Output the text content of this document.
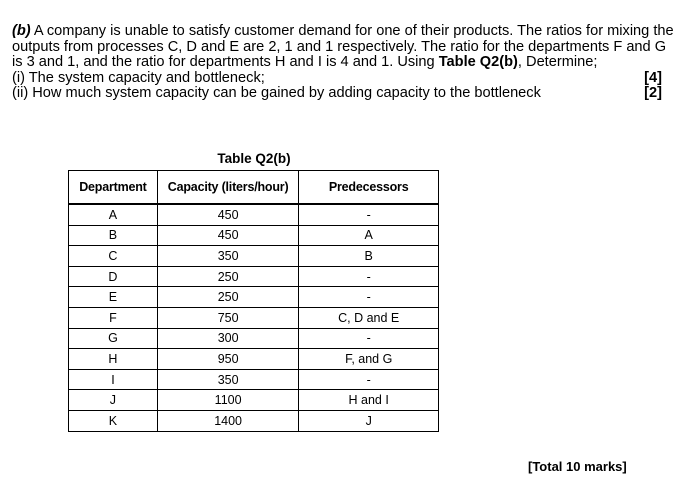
(b) A company is unable to satisfy customer demand for one of their products. The ratios for mixing the outputs from processes C, D and E are 2, 1 and 1 respectively. The ratio for the departments F and G is 3 and 1, and the ratio for departments H and I is 4 and 1. Using Table Q2(b), Determine;

(i) The system capacity and bottleneck;	[4]
(ii) How much system capacity can be gained by adding capacity to the bottleneck	[2]
Table Q2(b)
Department	Capacity (liters/hour)	Predecessors
A	450	-
B	450	A
C	350	B
D	250	-
E	250	-
F	750	C, D and E
G	300	-
H	950	F, and G
I	350	-
J	1100	H and I
K	1400	J
[Total 10 marks]
